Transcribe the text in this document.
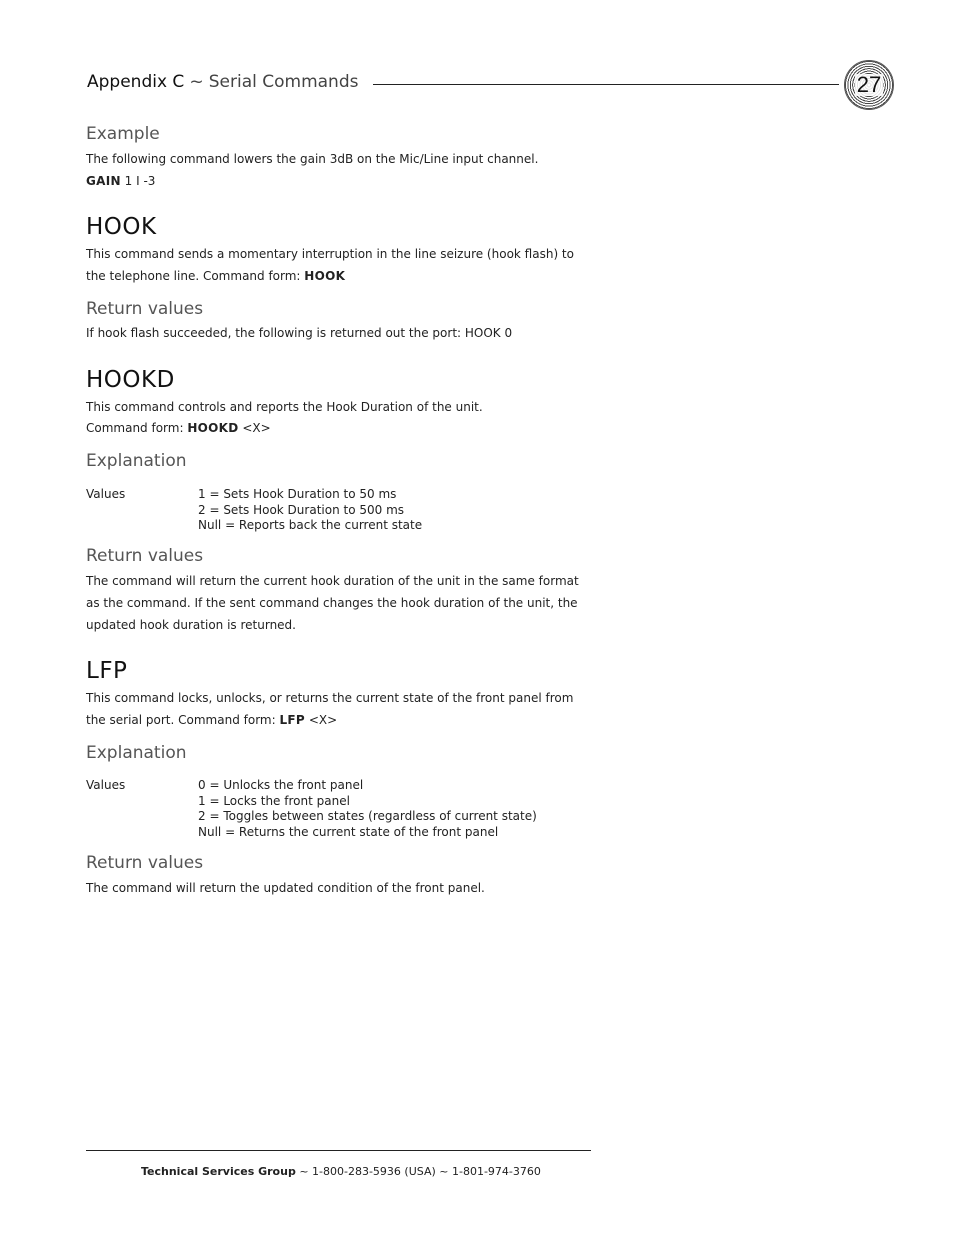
Appendix C ~ Serial Commands	27
Example
The following command lowers the gain 3dB on the Mic/Line input channel.
GAIN 1 I -3
HOOK
This command sends a momentary interruption in the line seizure (hook flash) to the telephone line. Command form: HOOK
Return values
If hook flash succeeded, the following is returned out the port: HOOK 0
HOOKD
This command controls and reports the Hook Duration of the unit.
Command form: HOOKD <X>
Explanation
Values	1 = Sets Hook Duration to 50 ms
2 = Sets Hook Duration to 500 ms
Null = Reports back the current state
Return values
The command will return the current hook duration of the unit in the same format as the command. If the sent command changes the hook duration of the unit, the updated hook duration is returned.
LFP
This command locks, unlocks, or returns the current state of the front panel from the serial port. Command form: LFP <X>
Explanation
Values	0 = Unlocks the front panel
1 = Locks the front panel
2 = Toggles between states (regardless of current state)
Null = Returns the current state of the front panel
Return values
The command will return the updated condition of the front panel.
Technical Services Group ~ 1-800-283-5936 (USA) ~ 1-801-974-3760
